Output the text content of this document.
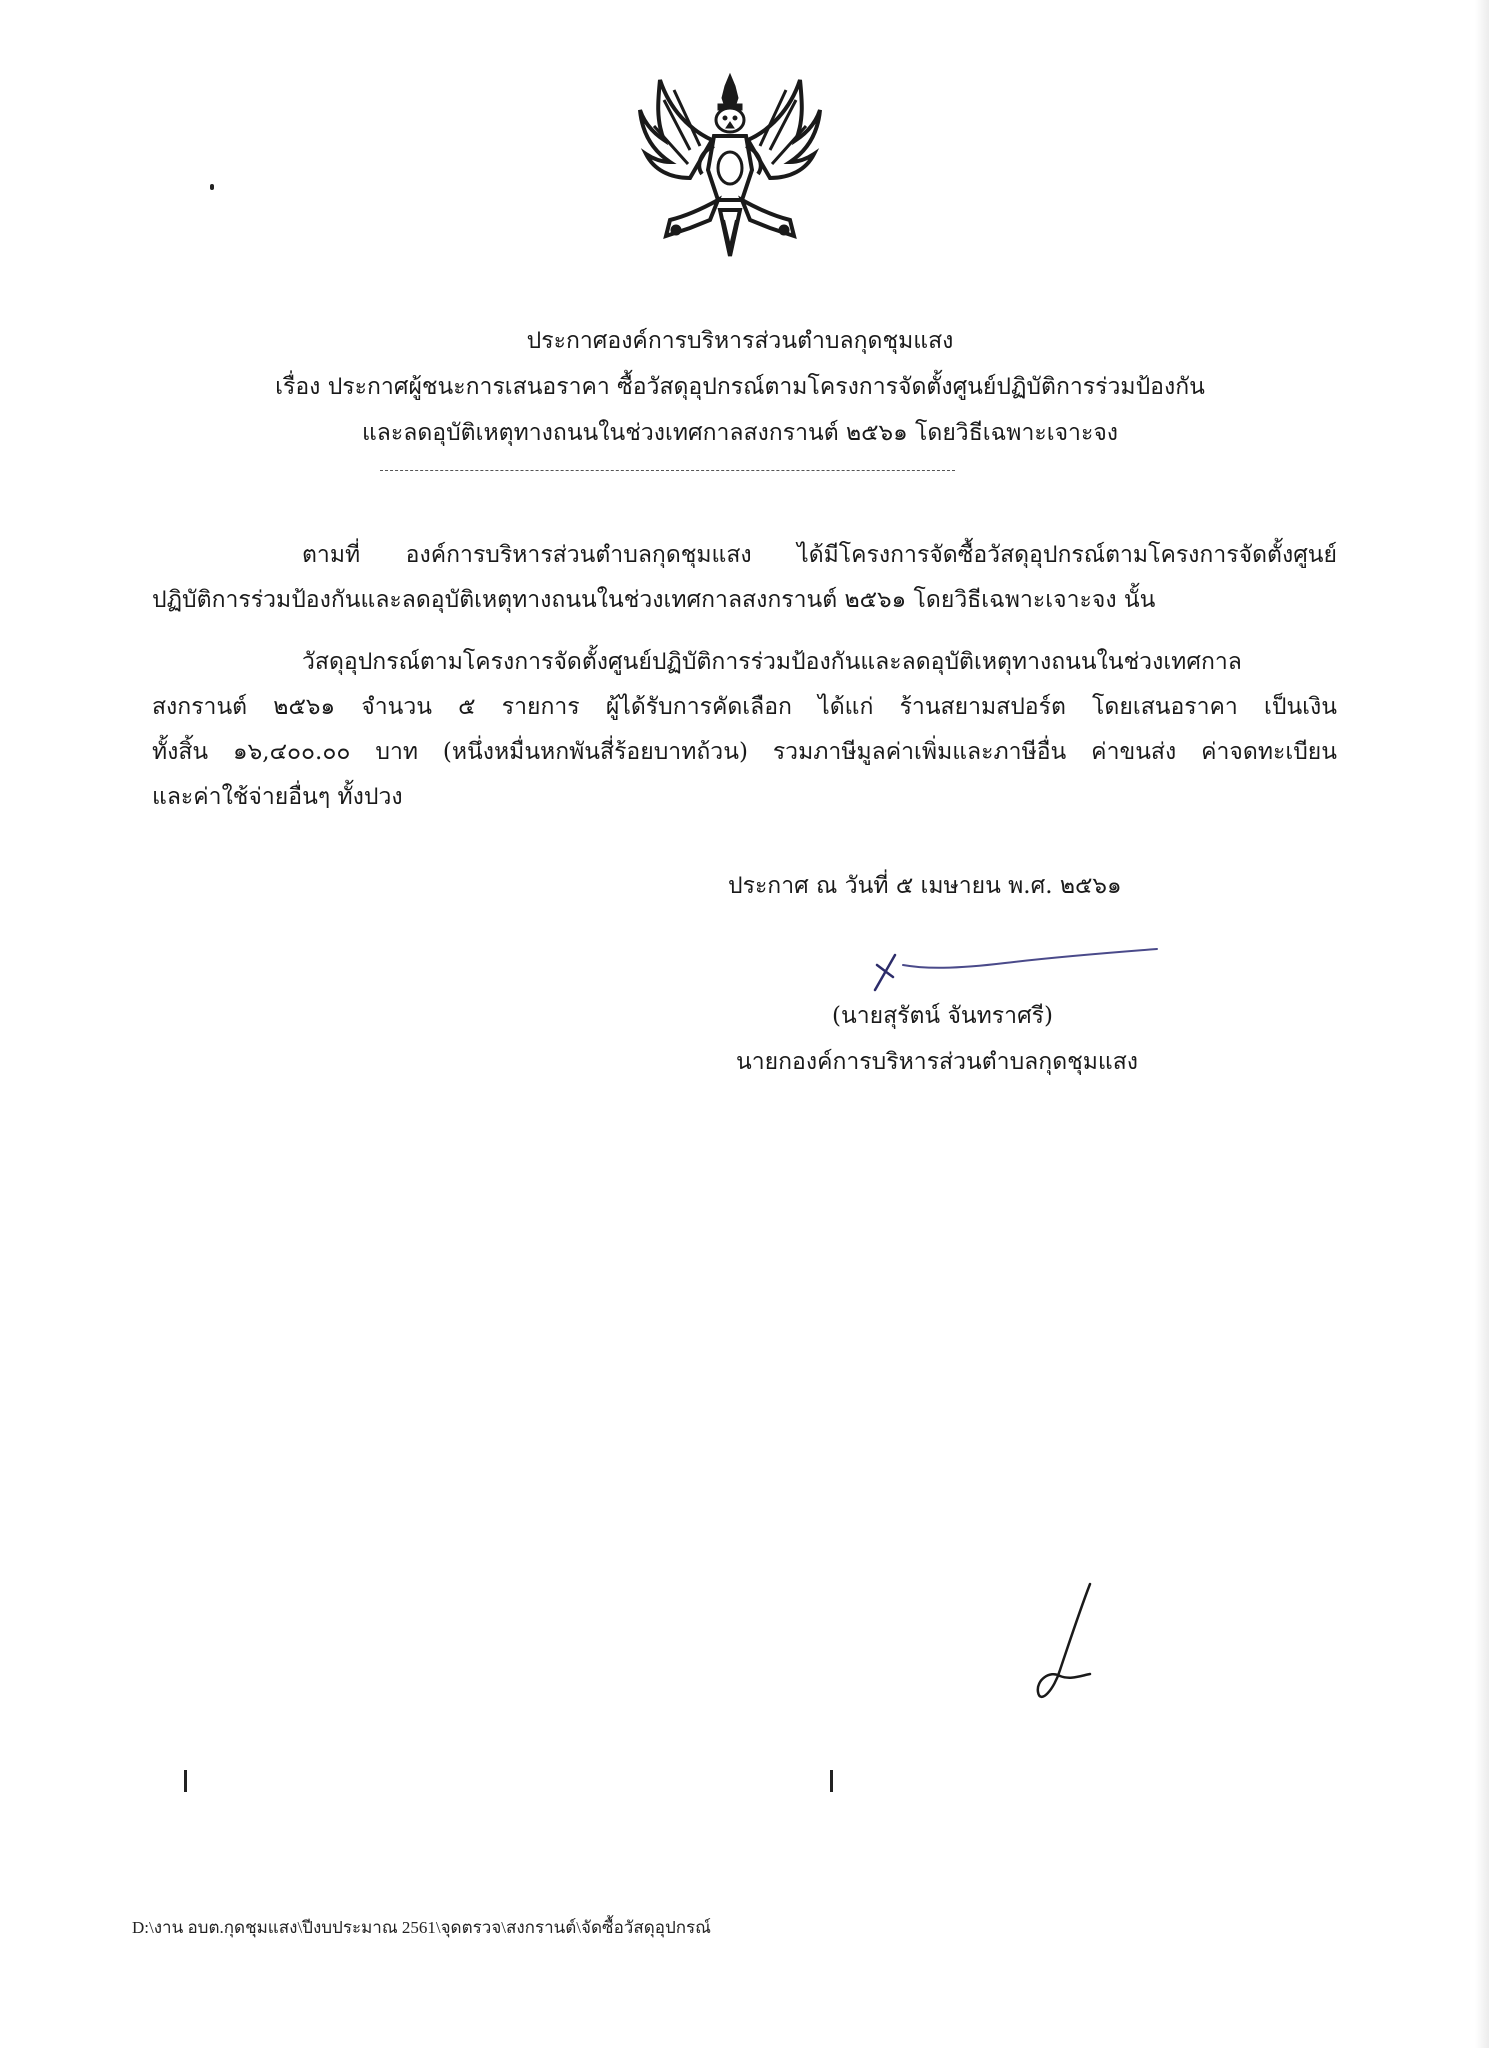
ประกาศองค์การบริหารส่วนตำบลกุดชุมแสง
เรื่อง ประกาศผู้ชนะการเสนอราคา ซื้อวัสดุอุปกรณ์ตามโครงการจัดตั้งศูนย์ปฏิบัติการร่วมป้องกัน
และลดอุบัติเหตุทางถนนในช่วงเทศกาลสงกรานต์ ๒๕๖๑ โดยวิธีเฉพาะเจาะจง
ตามที่ องค์การบริหารส่วนตำบลกุดชุมแสง ได้มีโครงการจัดซื้อวัสดุอุปกรณ์ตามโครงการจัดตั้งศูนย์
ปฏิบัติการร่วมป้องกันและลดอุบัติเหตุทางถนนในช่วงเทศกาลสงกรานต์ ๒๕๖๑ โดยวิธีเฉพาะเจาะจง นั้น
วัสดุอุปกรณ์ตามโครงการจัดตั้งศูนย์ปฏิบัติการร่วมป้องกันและลดอุบัติเหตุทางถนนในช่วงเทศกาล
สงกรานต์ ๒๕๖๑ จำนวน ๕ รายการ ผู้ได้รับการคัดเลือก ได้แก่ ร้านสยามสปอร์ต โดยเสนอราคา เป็นเงิน
ทั้งสิ้น ๑๖,๔๐๐.๐๐ บาท (หนึ่งหมื่นหกพันสี่ร้อยบาทถ้วน) รวมภาษีมูลค่าเพิ่มและภาษีอื่น ค่าขนส่ง ค่าจดทะเบียน
และค่าใช้จ่ายอื่นๆ ทั้งปวง
ประกาศ ณ วันที่ ๕ เมษายน พ.ศ. ๒๕๖๑
(นายสุรัตน์ จันทราศรี)
นายกองค์การบริหารส่วนตำบลกุดชุมแสง
D:\งาน อบต.กุดชุมแสง\ปีงบประมาณ 2561\จุดตรวจ\สงกรานต์\จัดซื้อวัสดุอุปกรณ์
